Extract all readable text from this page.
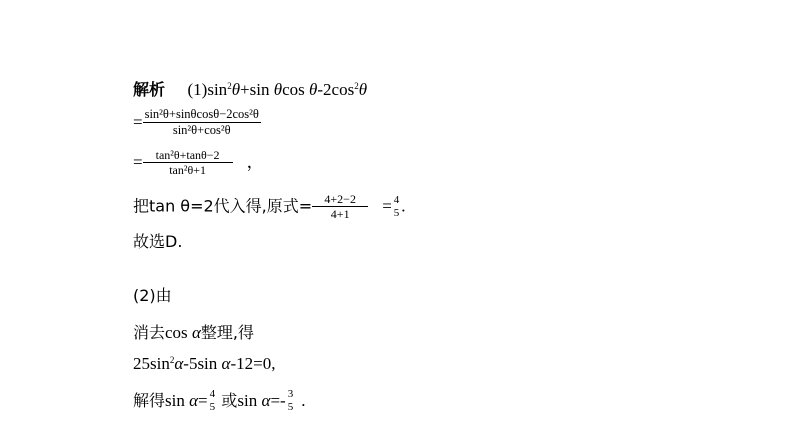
解析 $(1)\sin^2\theta+\sin$ θcos $\theta-2\cos^2\theta$
= $\frac{\text{sin²θ+sinθcosθ−2cos²θ}}{\text{sin²θ+cos²θ}}$
= $\frac{\text{tan²θ+tanθ−2}}{\text{tan²θ+1}}$ ，
把tan θ=2代入得,原式= $\frac{4+2-2}{4+1} = 4$
5 .
故选D.
(2)由
消去cos α整理,得
$25\sin^2\alpha-5\sin$ α-12=0,
解得sin α= 4
5 或sin α=- 3
5 .
